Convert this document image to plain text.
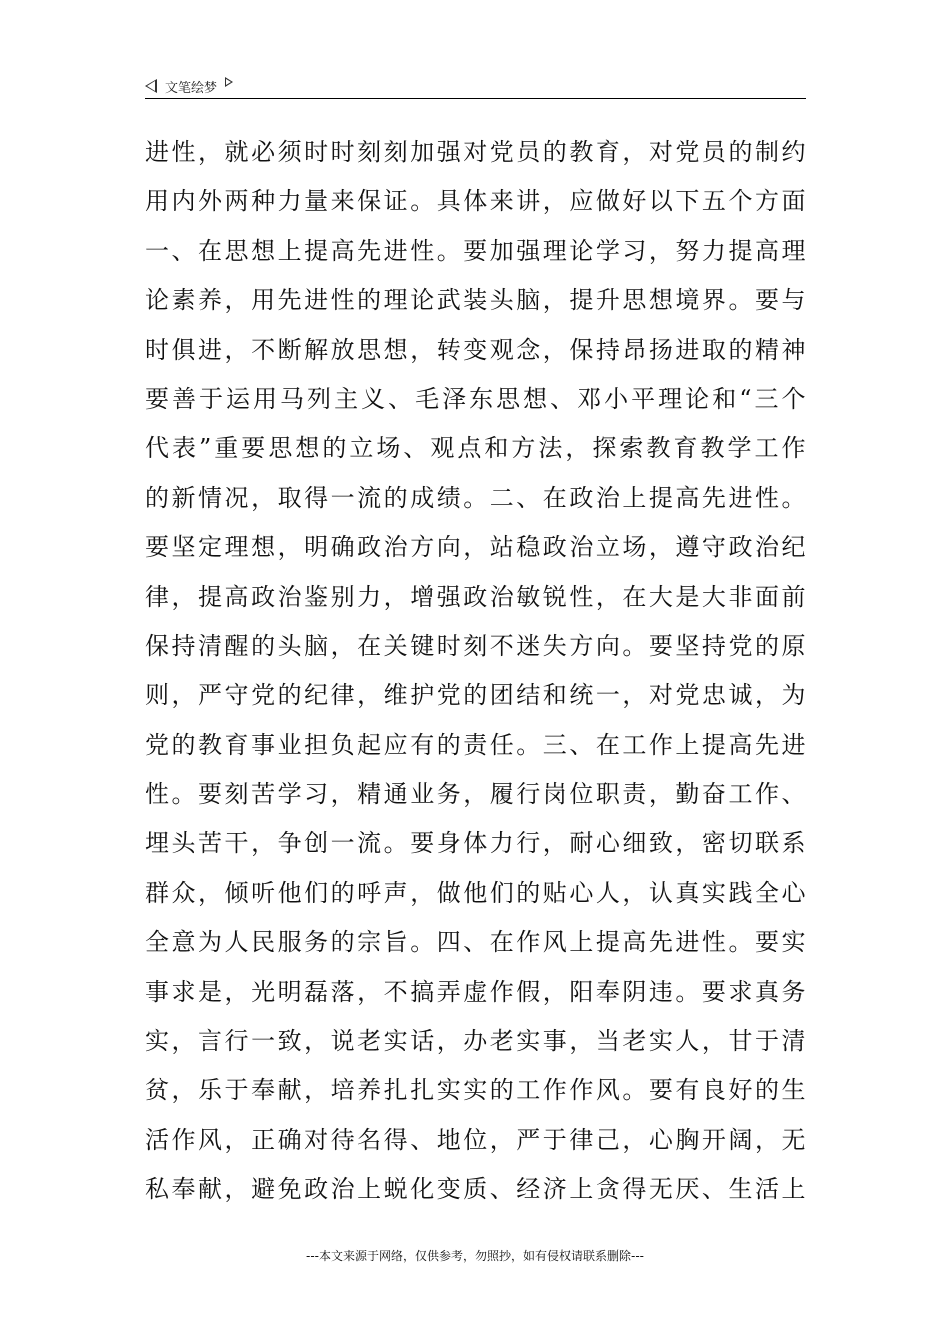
文笔绘梦
进性，就必须时时刻刻加强对党员的教育，对党员的制约
用内外两种力量来保证。具体来讲，应做好以下五个方面
一、在思想上提高先进性。要加强理论学习，努力提高理
论素养，用先进性的理论武装头脑，提升思想境界。要与
时俱进，不断解放思想，转变观念，保持昂扬进取的精神
要善于运用马列主义、毛泽东思想、邓小平理论和“三个
代表”重要思想的立场、观点和方法，探索教育教学工作
的新情况，取得一流的成绩。二、在政治上提高先进性。
要坚定理想，明确政治方向，站稳政治立场，遵守政治纪
律，提高政治鉴别力，增强政治敏锐性，在大是大非面前
保持清醒的头脑，在关键时刻不迷失方向。要坚持党的原
则，严守党的纪律，维护党的团结和统一，对党忠诚，为
党的教育事业担负起应有的责任。三、在工作上提高先进
性。要刻苦学习，精通业务，履行岗位职责，勤奋工作、
埋头苦干，争创一流。要身体力行，耐心细致，密切联系
群众，倾听他们的呼声，做他们的贴心人，认真实践全心
全意为人民服务的宗旨。四、在作风上提高先进性。要实
事求是，光明磊落，不搞弄虚作假，阳奉阴违。要求真务
实，言行一致，说老实话，办老实事，当老实人，甘于清
贫，乐于奉献，培养扎扎实实的工作作风。要有良好的生
活作风，正确对待名得、地位，严于律己，心胸开阔，无
私奉献，避免政治上蜕化变质、经济上贪得无厌、生活上
---本文来源于网络，仅供参考，勿照抄，如有侵权请联系删除---
